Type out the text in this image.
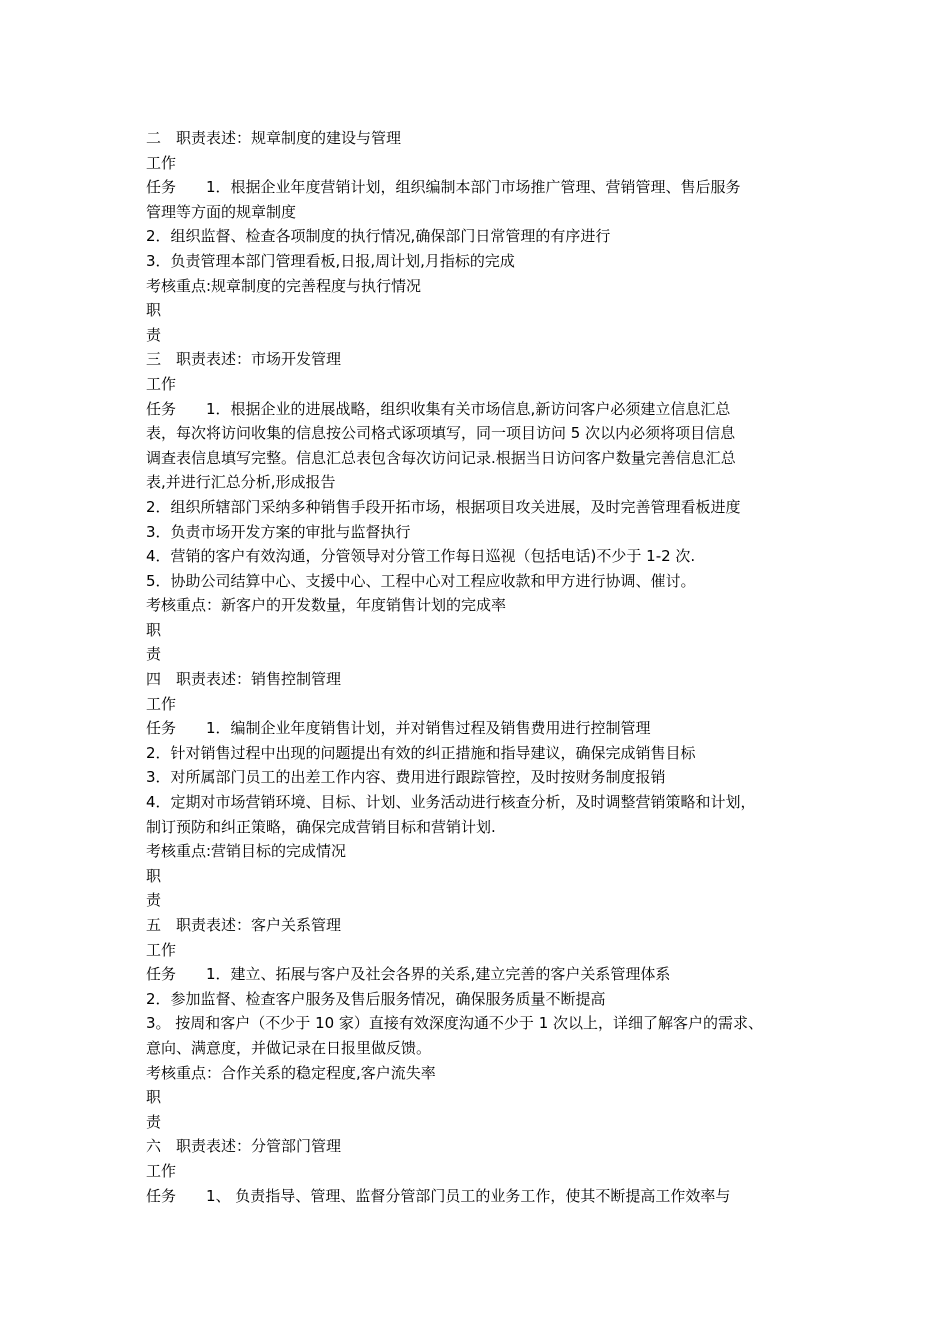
二　职责表述：规章制度的建设与管理

工作

任务　　1．根据企业年度营销计划，组织编制本部门市场推广管理、营销管理、售后服务

管理等方面的规章制度

2．组织监督、检查各项制度的执行情况,确保部门日常管理的有序进行

3．负责管理本部门管理看板,日报,周计划,月指标的完成

考核重点:规章制度的完善程度与执行情况

职

责

三　职责表述：市场开发管理

工作

任务　　1．根据企业的进展战略，组织收集有关市场信息,新访问客户必须建立信息汇总

表，每次将访问收集的信息按公司格式诼项填写，同一项目访问 5 次以内必须将项目信息

调查表信息填写完整。信息汇总表包含每次访问记录.根据当日访问客户数量完善信息汇总

表,并进行汇总分析,形成报告

2．组织所辖部门采纳多种销售手段开拓市场，根据项目攻关进展，及时完善管理看板进度

3．负责市场开发方案的审批与监督执行

4．营销的客户有效沟通，分管领导对分管工作每日巡视（包括电话)不少于 1-2 次.

5．协助公司结算中心、支援中心、工程中心对工程应收款和甲方进行协调、催讨。

考核重点：新客户的开发数量，年度销售计划的完成率

职

责

四　职责表述：销售控制管理

工作

任务　　1．编制企业年度销售计划，并对销售过程及销售费用进行控制管理

2．针对销售过程中出现的问题提出有效的纠正措施和指导建议，确保完成销售目标

3．对所属部门员工的出差工作内容、费用进行跟踪管控，及时按财务制度报销

4．定期对市场营销环境、目标、计划、业务活动进行核查分析，及时调整营销策略和计划，

制订预防和纠正策略，确保完成营销目标和营销计划.

考核重点:营销目标的完成情况

职

责

五　职责表述：客户关系管理

工作

任务　　1．建立、拓展与客户及社会各界的关系,建立完善的客户关系管理体系

2．参加监督、检查客户服务及售后服务情况，确保服务质量不断提高

3。 按周和客户（不少于 10 家）直接有效深度沟通不少于 1 次以上，详细了解客户的需求、

意向、满意度，并做记录在日报里做反馈。

考核重点：合作关系的稳定程度,客户流失率

职

责

六　职责表述：分管部门管理

工作

任务　　1、 负责指导、管理、监督分管部门员工的业务工作，使其不断提高工作效率与
